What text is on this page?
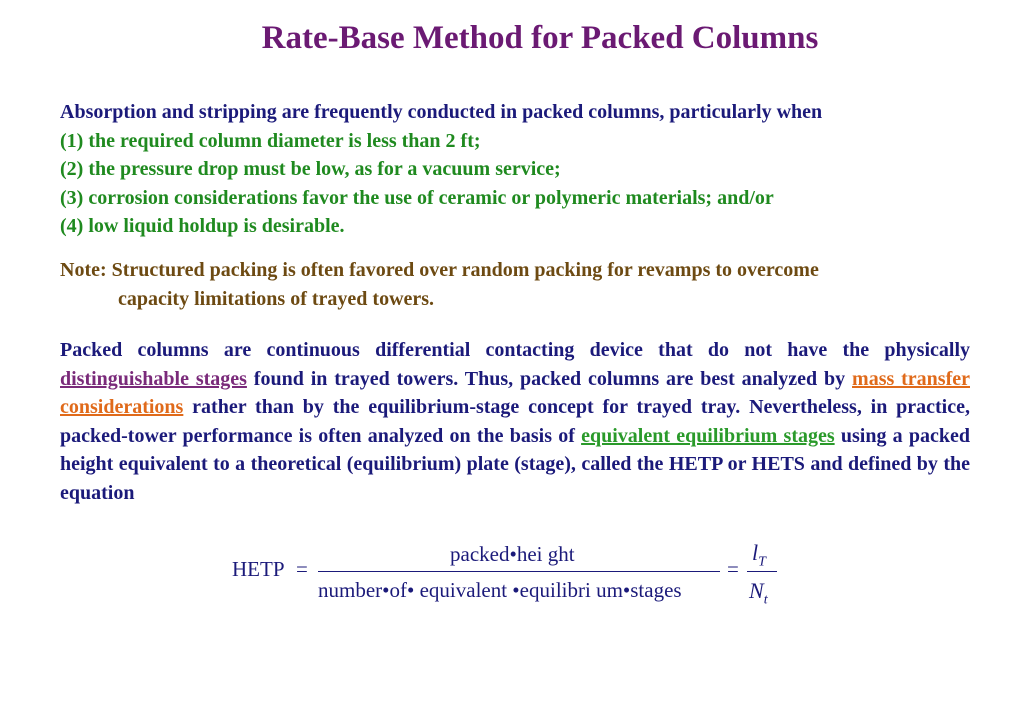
Rate-Base Method for Packed Columns
Absorption and stripping are frequently conducted in packed columns, particularly when
(1) the required column diameter is less than 2 ft;
(2) the pressure drop must be low, as for a vacuum service;
(3) corrosion considerations favor the use of ceramic or polymeric materials; and/or
(4) low liquid holdup is desirable.
Note: Structured packing is often favored over random packing for revamps to overcome
capacity limitations of trayed towers.
Packed columns are continuous differential contacting device that do not have the physically distinguishable stages found in trayed towers. Thus, packed columns are best analyzed by mass transfer considerations rather than by the equilibrium-stage concept for trayed tray. Nevertheless, in practice, packed-tower performance is often analyzed on the basis of equivalent equilibrium stages using a packed height equivalent to a theoretical (equilibrium) plate (stage), called the HETP or HETS and defined by the equation
HETP =
packed•hei ght
number•of• equivalent •equilibri um•stages
=
$l_T$
$N_t$
